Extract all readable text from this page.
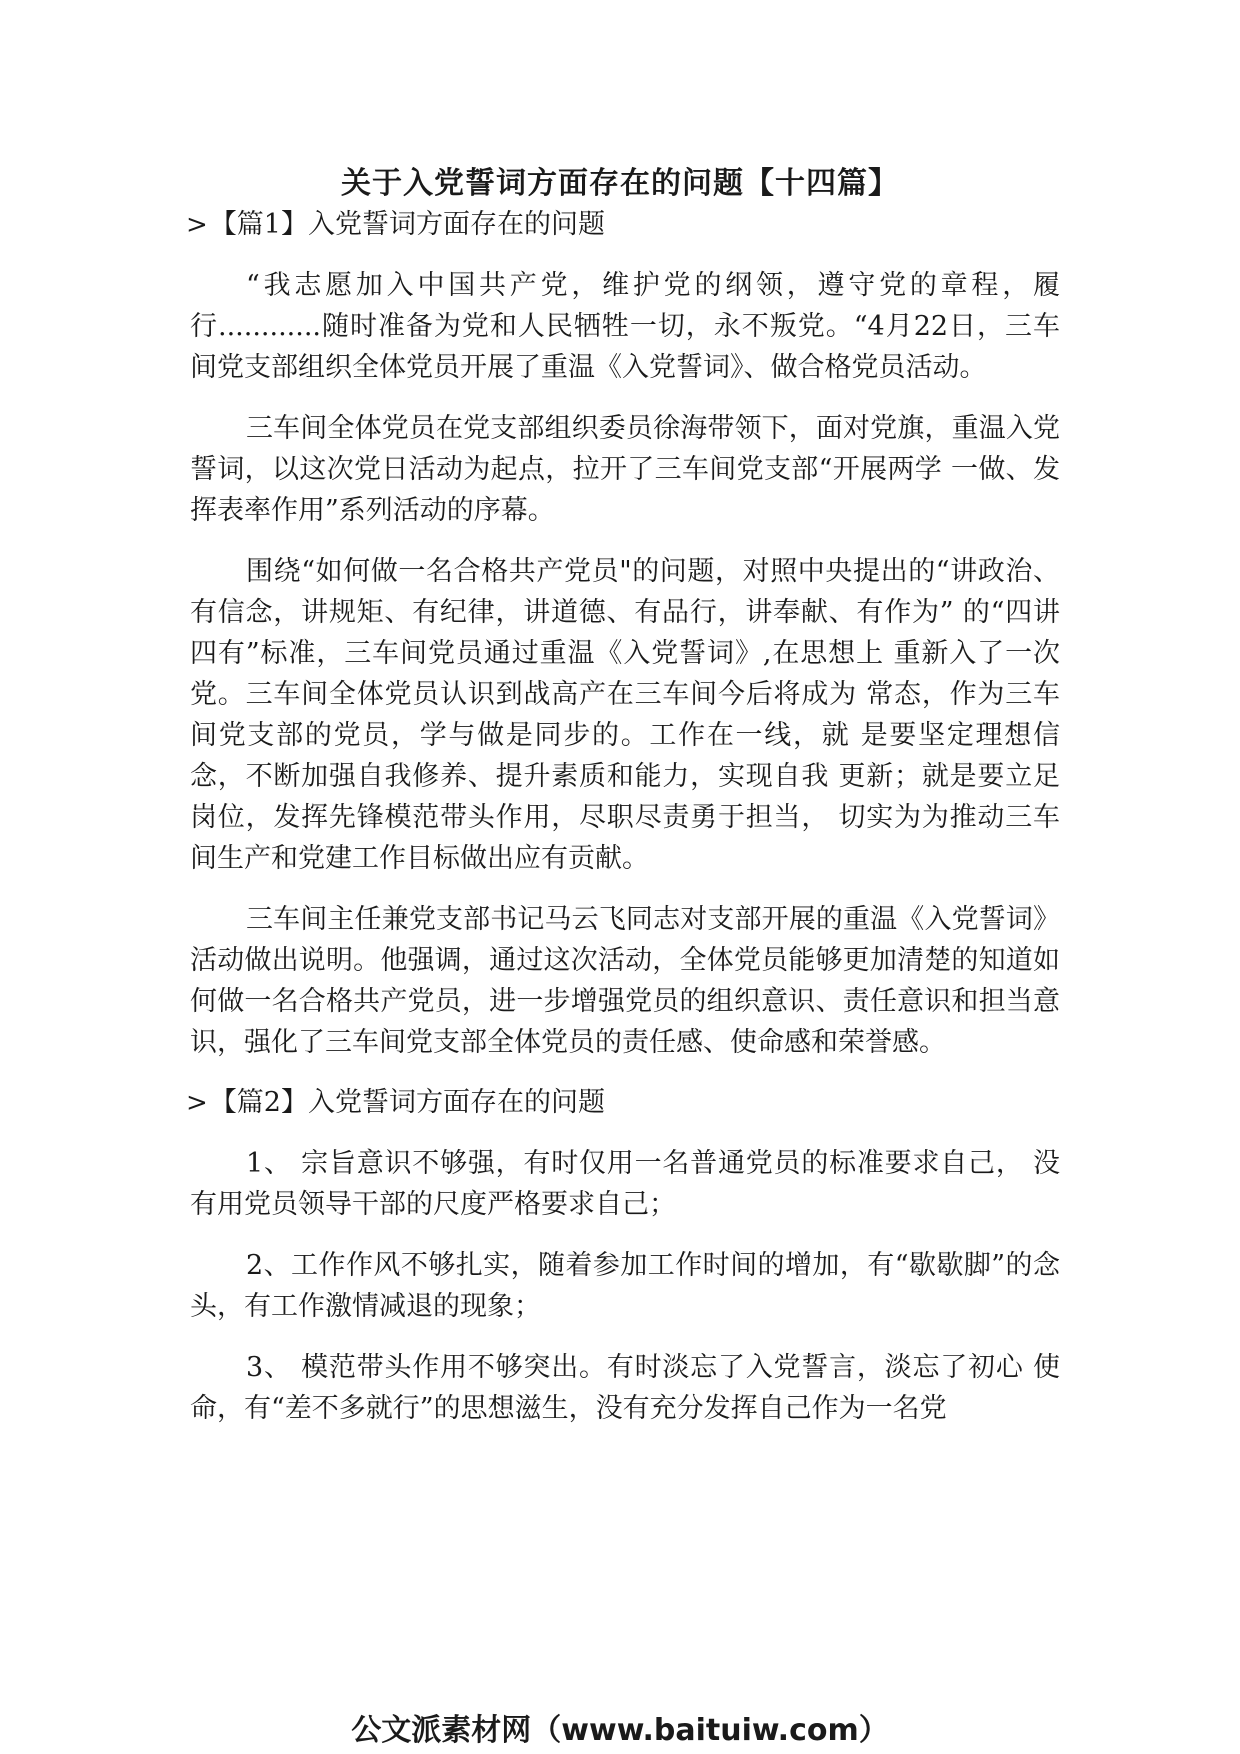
关于入党誓词方面存在的问题【十四篇】
>【篇1】入党誓词方面存在的问题

“我志愿加入中国共产党，维护党的纲领，遵守党的章程，履行............随时准备为党和人民牺牲一切，永不叛党。“4月22日，三车间党支部组织全体党员开展了重温《入党誓词》、做合格党员活动。

三车间全体党员在党支部组织委员徐海带领下，面对党旗，重温入党誓词，以这次党日活动为起点，拉开了三车间党支部“开展两学 一做、发挥表率作用”系列活动的序幕。

围绕“如何做一名合格共产党员"的问题，对照中央提出的“讲政治、有信念，讲规矩、有纪律，讲道德、有品行，讲奉献、有作为” 的“四讲四有”标准，三车间党员通过重温《入党誓词》,在思想上 重新入了一次党。三车间全体党员认识到战高产在三车间今后将成为 常态，作为三车间党支部的党员，学与做是同步的。工作在一线，就 是要坚定理想信念，不断加强自我修养、提升素质和能力，实现自我 更新；就是要立足岗位，发挥先锋模范带头作用，尽职尽责勇于担当， 切实为为推动三车间生产和党建工作目标做出应有贡献。

三车间主任兼党支部书记马云飞同志对支部开展的重温《入党誓词》活动做出说明。他强调，通过这次活动，全体党员能够更加清楚的知道如何做一名合格共产党员，进一步增强党员的组织意识、责任意识和担当意识，强化了三车间党支部全体党员的责任感、使命感和荣誉感。

>【篇2】入党誓词方面存在的问题

1、 宗旨意识不够强，有时仅用一名普通党员的标准要求自己， 没有用党员领导干部的尺度严格要求自己；

2、工作作风不够扎实，随着参加工作时间的增加，有“歇歇脚”的念头，有工作激情减退的现象；

3、 模范带头作用不够突出。有时淡忘了入党誓言，淡忘了初心 使命，有“差不多就行”的思想滋生，没有充分发挥自己作为一名党

公文派素材网（www.baituiw.com）
